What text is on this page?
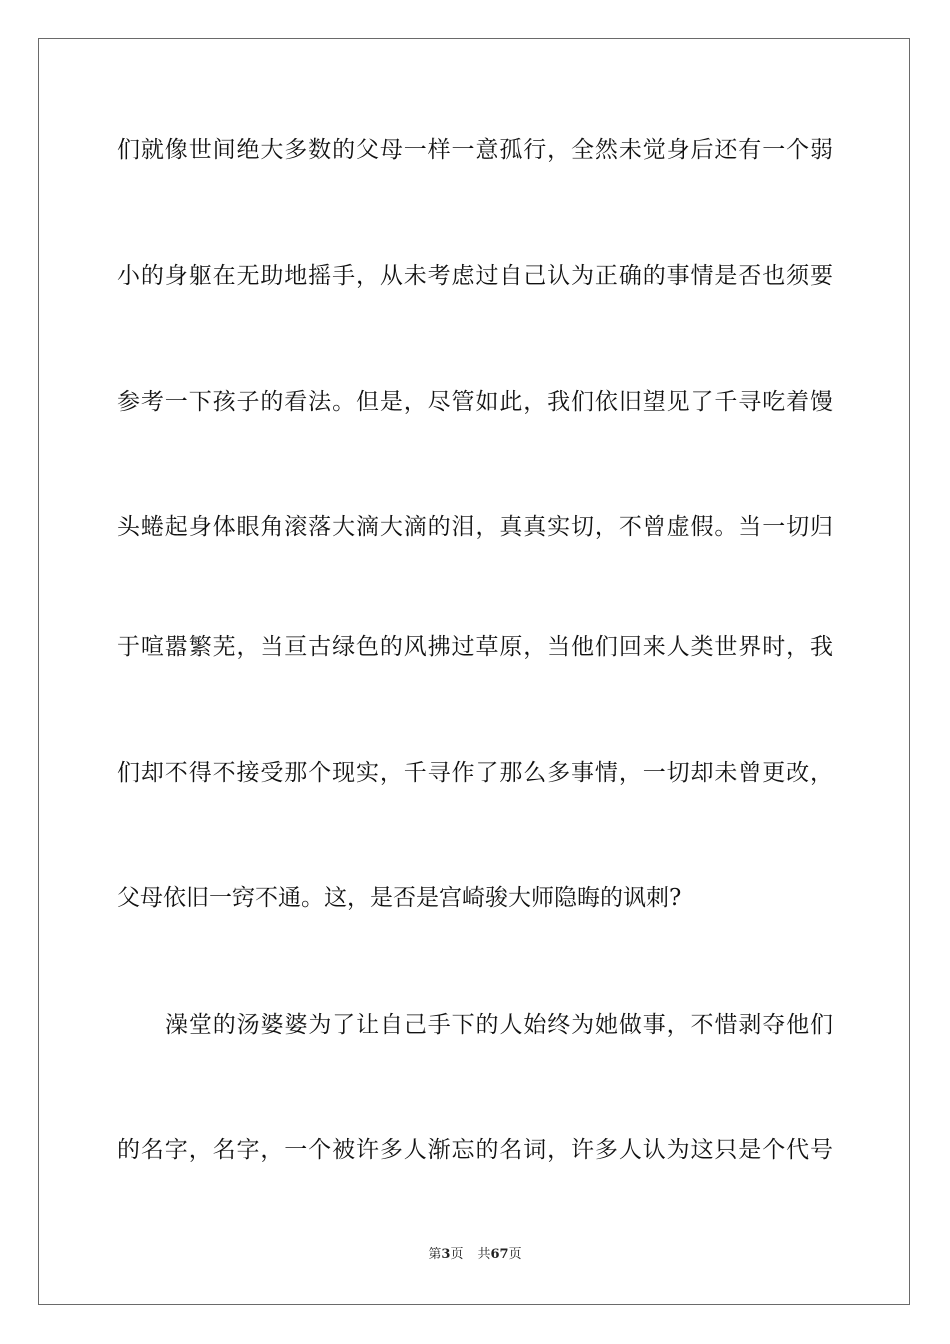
们就像世间绝大多数的父母一样一意孤行，全然未觉身后还有一个弱
小的身躯在无助地摇手，从未考虑过自己认为正确的事情是否也须要
参考一下孩子的看法。但是，尽管如此，我们依旧望见了千寻吃着馒
头蜷起身体眼角滚落大滴大滴的泪，真真实切，不曾虚假。当一切归
于喧嚣繁芜，当亘古绿色的风拂过草原，当他们回来人类世界时，我
们却不得不接受那个现实，千寻作了那么多事情，一切却未曾更改，
父母依旧一窍不通。这，是否是宫崎骏大师隐晦的讽刺?
澡堂的汤婆婆为了让自己手下的人始终为她做事，不惜剥夺他们
的名字，名字，一个被许多人渐忘的名词，许多人认为这只是个代号
第3页 共67页
